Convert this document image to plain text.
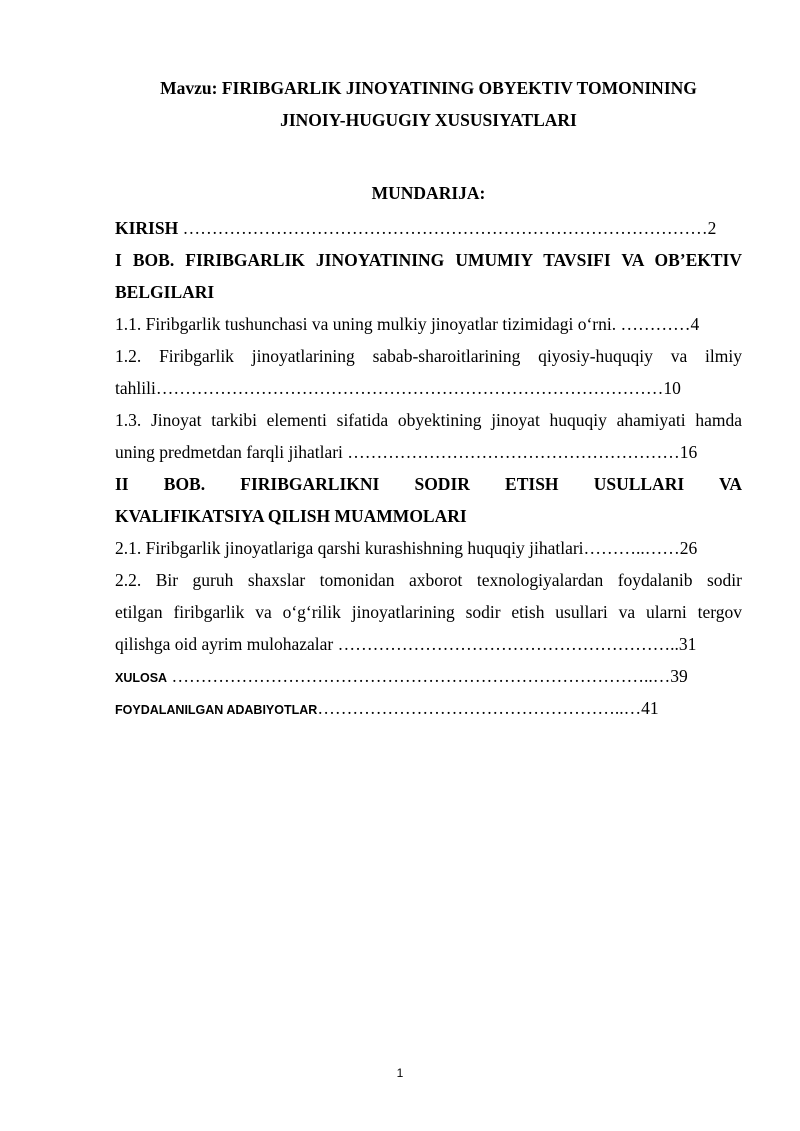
Mavzu: FIRIBGARLIK JINOYATINING OBYEKTIV TOMONINING
JINOIY-HUGUGIY XUSUSIYATLARI
MUNDARIJA:
KIRISH ………………………………………………………………………………2
I BOB. FIRIBGARLIK JINOYATINING UMUMIY TAVSIFI VA OB’EKTIV
BELGILARI
1.1. Firibgarlik tushunchasi va uning mulkiy jinoyatlar tizimidagi o‘rni. …………4
1.2. Firibgarlik jinoyatlarining sabab-sharoitlarining qiyosiy-huquqiy va ilmiy
tahlili……………………………………………………………………………10
1.3. Jinoyat tarkibi elementi sifatida obyektining jinoyat huquqiy ahamiyati hamda
uning predmetdan farqli jihatlari …………………………………………………16
II BOB. FIRIBGARLIKNI SODIR ETISH USULLARI VA
KVALIFIKATSIYA QILISH MUAMMOLARI
2.1. Firibgarlik jinoyatlariga qarshi kurashishning huquqiy jihatlari………..……26
2.2. Bir guruh shaxslar tomonidan axborot texnologiyalardan foydalanib sodir
etilgan firibgarlik va o‘g‘rilik jinoyatlarining sodir etish usullari va ularni tergov
qilishga oid ayrim mulohazalar …………………………………………………..31
XULOSA ………………………………………………………………………..…39
FOYDALANILGAN ADABIYOTLAR……………………………………………..…41
1
